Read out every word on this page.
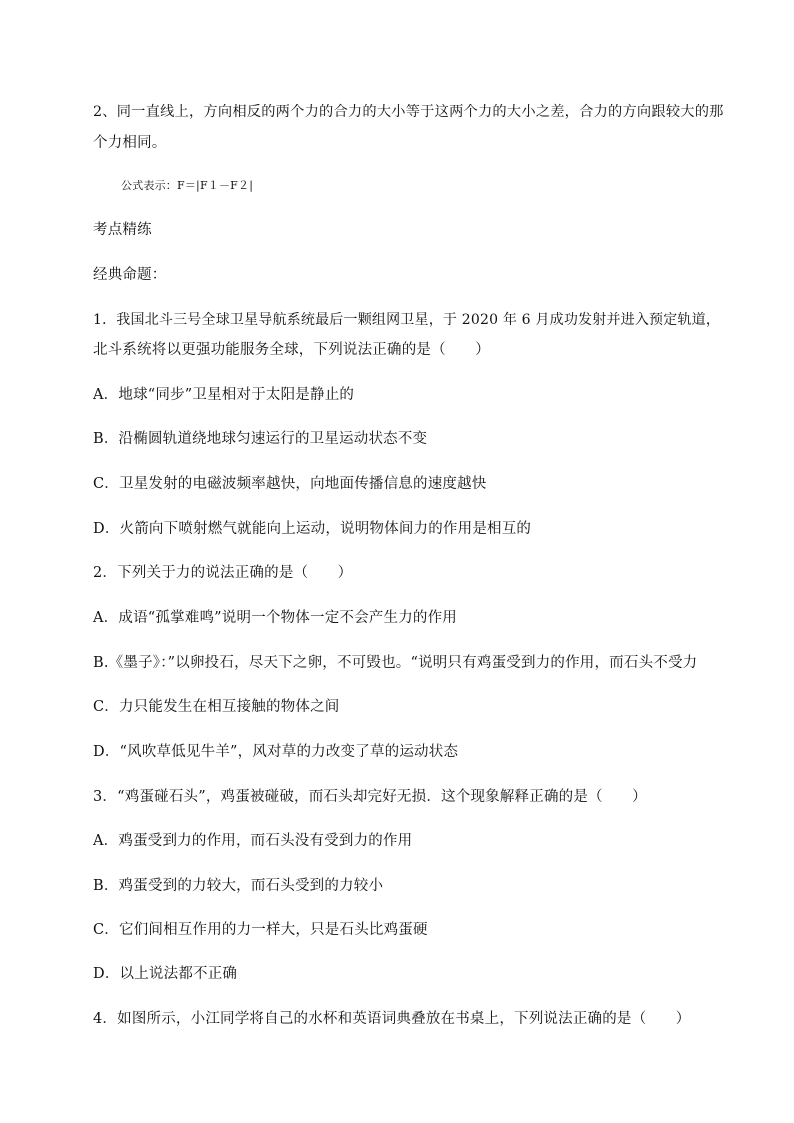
2、同一直线上，方向相反的两个力的合力的大小等于这两个力的大小之差，合力的方向跟较大的那
个力相同。
公式表示：F＝|F１－F２|
考点精练
经典命题：
1．我国北斗三号全球卫星导航系统最后一颗组网卫星，于 2020 年 6 月成功发射并进入预定轨道，
北斗系统将以更强功能服务全球，下列说法正确的是（　　）
A．地球“同步”卫星相对于太阳是静止的
B．沿椭圆轨道绕地球匀速运行的卫星运动状态不变
C．卫星发射的电磁波频率越快，向地面传播信息的速度越快
D．火箭向下喷射燃气就能向上运动，说明物体间力的作用是相互的
2．下列关于力的说法正确的是（　　）
A．成语“孤掌难鸣”说明一个物体一定不会产生力的作用
B.《墨子》：”以卵投石，尽天下之卵，不可毁也。“说明只有鸡蛋受到力的作用，而石头不受力
C．力只能发生在相互接触的物体之间
D．“风吹草低见牛羊”，风对草的力改变了草的运动状态
3．“鸡蛋碰石头”，鸡蛋被碰破，而石头却完好无损．这个现象解释正确的是（　　）
A．鸡蛋受到力的作用，而石头没有受到力的作用
B．鸡蛋受到的力较大，而石头受到的力较小
C．它们间相互作用的力一样大，只是石头比鸡蛋硬
D．以上说法都不正确
4．如图所示，小江同学将自己的水杯和英语词典叠放在书桌上，下列说法正确的是（　　）
